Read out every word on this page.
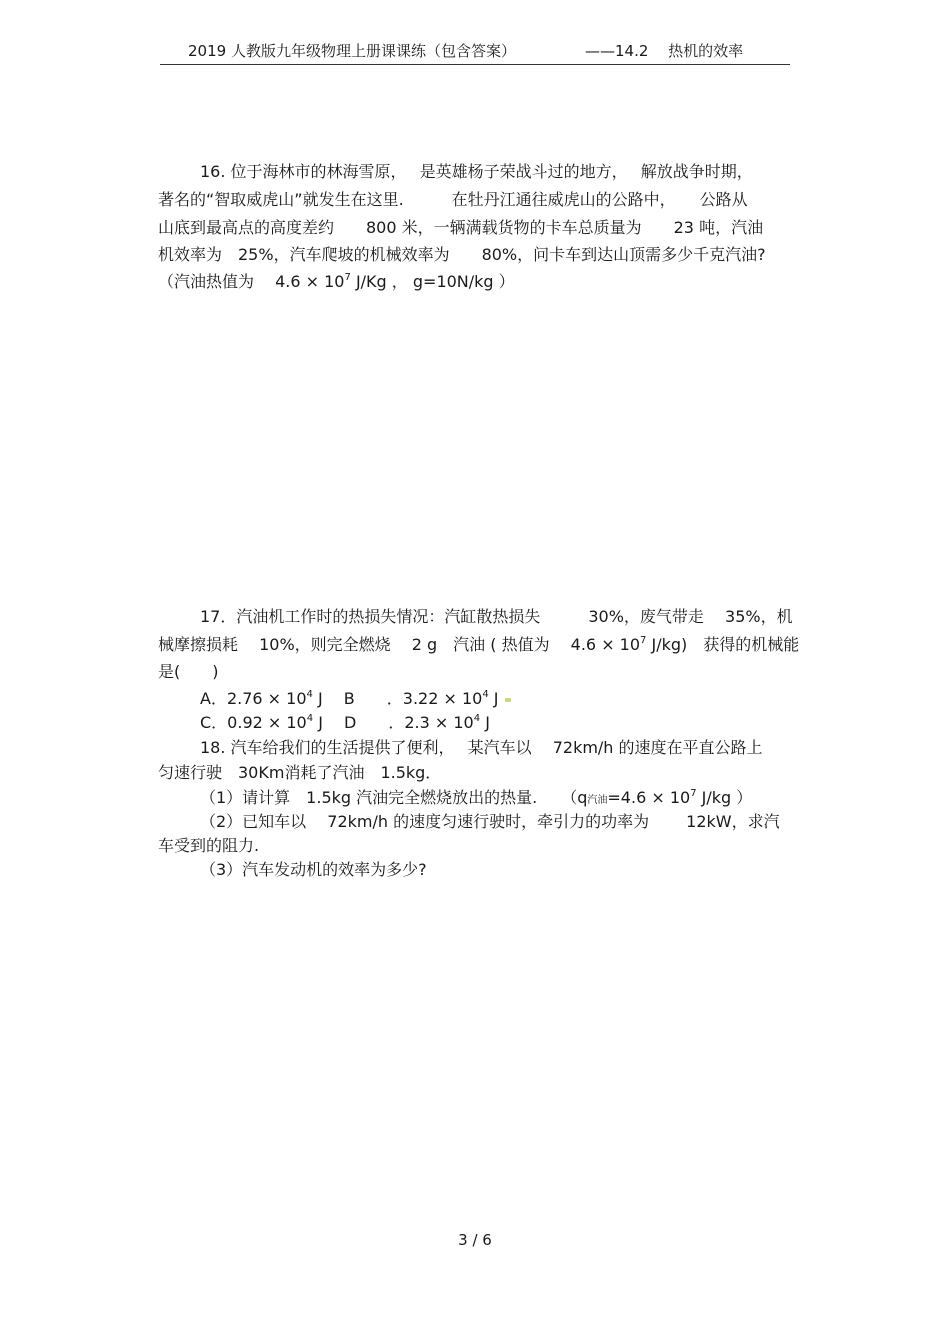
2019 人教版九年级物理上册课课练（包含答案）	——14.2　 热机的效率
16. 位于海林市的林海雪原，　 是英雄杨子荣战斗过的地方，　 解放战争时期，
著名的“智取威虎山”就发生在这里.　　　在牡丹江通往威虎山的公路中，　　公路从
山底到最高点的高度差约　　800 米，一辆满载货物的卡车总质量为　　23 吨，汽油
机效率为　25%，汽车爬坡的机械效率为　　80%，问卡车到达山顶需多少千克汽油?
（汽油热值为　 $4.6 \times 10^7$ J/Kg ， g=10N/kg ）
17．汽油机工作时的热损失情况：汽缸散热损失　　　30%，废气带走　 35%，机
械摩擦损耗　 10%，则完全燃烧　 2 g　汽油 ( 热值为　 $4.6 \times 10^7$ J/kg)　获得的机械能
是(　　)
A．$2.76 \times 10^4$ J　 B　　．$3.22 \times 10^4$ J
C．$0.92 \times 10^4$ J　 D　　．$2.3 \times 10^4$ J
18. 汽车给我们的生活提供了便利，　 某汽车以　 72km/h 的速度在平直公路上
匀速行驶　30Km消耗了汽油　1.5kg．
（1）请计算　1.5kg 汽油完全燃烧放出的热量.　　（q汽油$=4.6 \times 10^7$ J/kg ）
（2）已知车以　 72km/h 的速度匀速行驶时，牵引力的功率为　　 12kW，求汽
车受到的阻力.
（3）汽车发动机的效率为多少?
3 / 6
